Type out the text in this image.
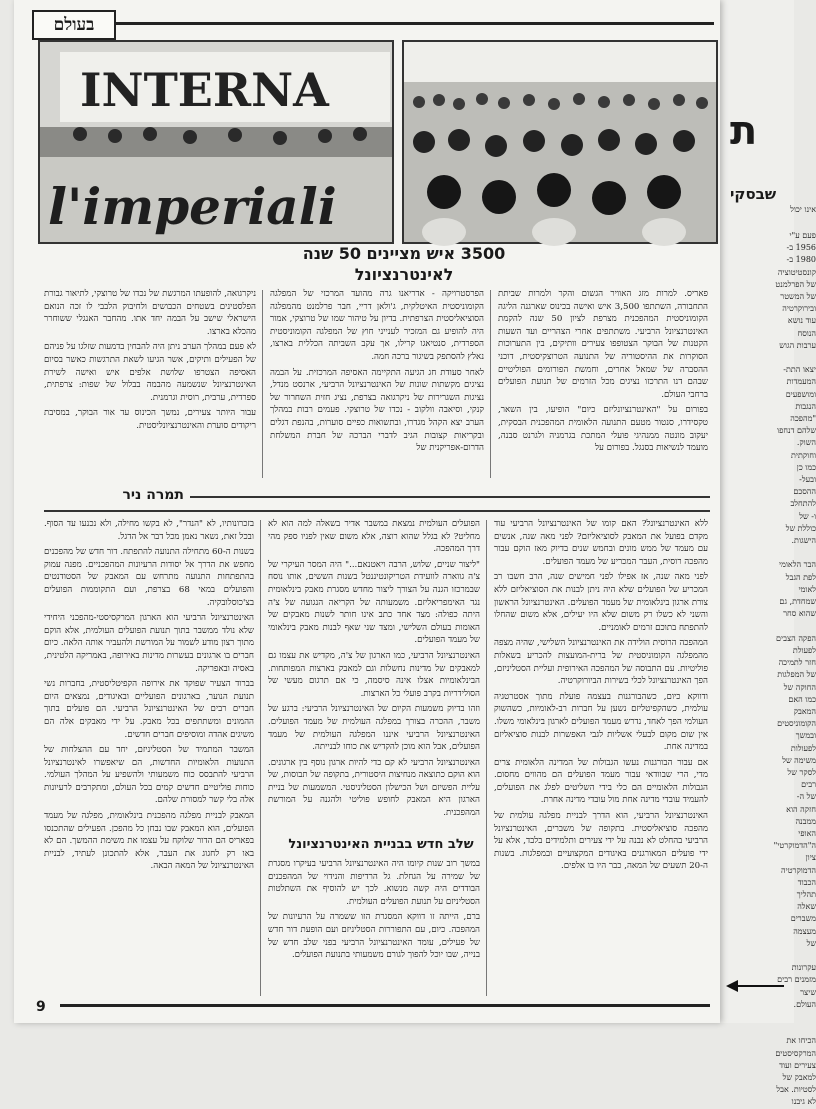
ת
שבסקי
אינו יכול
פעם ע"י
1956 ב-
1980 ב-
קונסטיטוציה
של הפרלמנט
של המשטר
ובירוקרטיה
עוד נושא
הנוסח
ערבות הגוש

יצאו התת-
המעמדות
ומושפעים
הנגבות
"מהפכה
שלהם דנחפו
השוק.
וחוקתית
כמו כן
ובעל-
ההסכם
להתחלב
ו- של
כוללת של
הישגות.

הבר הלאומי
לפת הגבל
לאומי
שמחדת, גם
שהוא סחר

הפקה הצבים
לפעולת
חזר לתמיכה
של המפלגות
החוקה של
כמו האם
המאבק
הקומוניסטים
ובמשך
לפעולות
משימה של
לסקר של
רבים
של ה-
חזקה הוא
ממבנה
האופי
ה"הדמוקרטי"
ציון
הדמוקרטיה
הכבוד
תהליך
שאלה
משברים
מעצמה
של

עקרונות
מזמנים רבים
שיצר
העולם.

הכיחו את
המרקסיסטים
צעירים ועוד
למאבק של
לסטיות. אבל
לא גיבנו
בעולם
INTERNA
l'imperiali
3500 איש מציינים 50 שנה
לאינטרנציונל

פאריס. למרות מזג האוויר הגשום והקר ולמרות שביתת התחבורה, השתתפו 3,500 איש ואישה בכינוס שארגנה הליגה הקומוניסטית המהפכנית מצרפת לציון 50 שנה להקמת האינטרנציונל הרביעי. משתתפים אחרי הצהריים ועד השעות הקטנות של הבוקר הצטופפו צעירים וותיקים, בין התערוכות הסוקרות את ההיסטוריה של התנועה הטרוצקיסטית, דוכני ההסברה של שמאל אחרים, וחמשת הפורומים הפוליטיים שבהם דנו התרכזו נציגים מכל הזרמים של תנועת הפועלים ברחבי העולם.

בפורום על "האינטרנציונליזם כיום" הופיעו, בין השאר, טקסידרו, סנטור מטעם התנועה הלאומית המהפכנית הבסקית, יעקוב מונטה ממנהיגי פועלי המתכת בגרמניה ולגרנט סבנה, מועמד לנשיאות בסנגל. בפורום על

הפרסטרויקה - אדריאנו גרה מהועד המרכזי של המפלגה הקומוניסטית האיטלקית, ג'ולאן דריי, חבר פרלמנט מהמפלגה הסוציאליסטית הצרפתית. בדיון על טיהור שמו של טרוצקי, אמור היה להופיע גם המזכיר לענייני חוץ של המפלגה הקומוניסטית הספרדית, סנטיאגו קרילו, אך עקב השביתה הכללית בארצו, נאלץ להסתפק בשיגור ברכה חמה.

לאחר סעודת חג הגיעה התקיימה האסיפה המרכזית. על הבמה נציגים מקשתות שונות של האינטרנציונל הרביעי, ארנסט מנדל, נציגות השגרירות של ניקרגואה בצרפת, נציג חזית השחרור של קנקי, וסיאבה וולקוב - נכדו של טרוצקי. פעמים רבות במהלך הערב יצא הקהל מגדרו, ובתשואות כפיים סוערות, בהנפת דגלים ובקריאות קצובות הגיב לדברי הברכה של חברת המשלחת הדרום-אפריקנית של

ניקרגואה, להופעתו המרגשת של נכדו של טרוצקי, לתיאור גבורת הפלסטינים בשטחים הכבושים ולחיבוק הלבבי לו זכה הנואם הישראלי שישב על הבמה יחד אתו. מהחבר האנגלי ששוחרר מהכלא בארצו.

לא פעם במהלך הערב ניתן היה להבחין בדמעות שזלגו על פניהם של הפעילים ותיקים, אשר הגיעו לשאת התרגשות כאשר בסיום האסיפה הצטרפו שלושת אלפים איש ואישה לשירת האינטרנציונל שנשמעה מהבמה בבלול של שפות: צרפתית, ספרדית, ערבית, רוסית וגרמנית.

עבור היותר צעירים, נמשך הכינוס עד אור הבוקר, במסיבת ריקודים סוערת והאינטרנציונליסטית.

תמרה ניר

ללא האינטרנציונל? האם קומו של האינטרנציונל הרביעי עוד מקדם בפועל את המאבק לסוציאליזם? לפני מאה שנה, אנשים עם מעמד של ממש מונים ובחמש שנים בדיוק מאז הוקם עבור מהפכה רוסית, העבר המכריע של מעמד הפועלים.

לפני מאה שנה, אז אפילו לפני חמישים שנה, הרב חשבו רב המכריע של הפועלים שלא היה ניתן לבנות את הסוציאליזם ללא צורת ארגון בינלאומית של מעמד הפועלים. האינטרנציונל הראשון והשני לא כשלו רק משום שלא היו יעילים, אלא משום שהחלו להתפתח בתוכם זרמים לאומניים.

המהפכה הרוסית הולידה את האינטרנציונל השלישי, שהיה מצפה מהמפלגה הקומוניסטית של ברית-המועצות להכריע בשאלות פוליטיות. עם התבוסה של המהפכה האירופית ועליית הסטליניזם, הפך האינטרנציונל לכלי בשירות הביורוקרטיה.

ודווקא כיום, כשהבורגנות בעצמה פועלת מתוך אסטרטגיה עולמית, כשהקפיטליזם נשען על חברות רב-לאומיות, כשהשוק העולמי הפך לאחד, נדרש מעמד הפועלים לארגון בינלאומי משלו. אין שום מקום לבעלי אשליות לגבי האפשרות לבנות סוציאליזם במדינה אחת.

אם עבור הבורגנות נעשו הגבולות של המדינה הלאומית צרים מדי, הרי שבוודאי עבור מעמד הפועלים הם מהווים מחסום. הגבולות הלאומיים הם כלי בידי השליטים לפלג את הפועלים, להעמיד עובדי מדינה אחת מול עובדי מדינה אחרת.

האינטרנציונל הרביעי, הוא הדרך לבניית מפלגה עולמית של מהפכה סוציאליסטית. בתקופה של משברים, האינטרנציונל הרביעי בהחלט לא נבנה על ידי צעירים ותלמידים בלבד, אלא על ידי פועלים המאורגנים באיגודים המקצועיים ובמפלגות. בשנות ה-20 תשעים של המאה, כבר היו בו אלפים.

הפועלים העולמית נמצאת במשבר אדיר בשאלה למה הוא לא מחליט? לא בגלל שהוא רוצה, אלא משום שאין לפניו ספק מהי דרך המהפכה.

"ליצור שניים, שלוש, הרבה ויאטנאם..." היה המסר העיקרי של צ'ה גווארה לוועידת הטריקונטיננטל בשנות הששים, אותו נוסח שבמרכזו הגנה על הצורך ליצור מחדש מסגרת מאבק בינלאומית נגד האימפריאליזם. משמעותה של הקריאה הנגועה של צ'ה היתה כפולה: מצד אחד כתב אינו חותר לשנות מאבקים של האומות בעולם השלישי, ומצד שני שאף לבנות מאבק בינלאומי של מעמד הפועלים.

האינטרנציונל הרביעי, כמו הארגון של צ'ה, מקדיש את עצמו גם למאבקים של מדינות נחשלות וגם למאבק בארצות המפותחות. הבינלאומיות אצלו אינה סיסמה, כי אם תרגום מעשי של הסולידריות בקרב פועלי כל הארצות.

וזהו בדיוק משמעות הקיום של האינטרנציונל הרביעי: ברגע של משבר, ההכרה בצורך במפלגה העולמית של מעמד הפועלים. האינטרנציונל הרביעי איננו המפלגה העולמית של מעמד הפועלים, אבל הוא מוכן להקדיש את כוחו לבנייתה.

האינטרנציונל הרביעי לא קם כדי להיות ארגון נוסף בין ארגונים. הוא הוקם כתוצאה מנחיצות היסטורית, בתקופה של תבוסות, של עליית הפשיזם ושל הכישלון הסטליניסטי. המשמעות של בניית הארגון היא המאבק לחופש פוליטי ולהגנה על המורשת המהפכנית.

שלב חדש בבניית האינטרנציונל

במשך רוב שנות קיומו היה האינטרנציונל הרביעי בעיקרו מסגרת של שמירה על הגחלת. גל הרדיפות והנידוי של המהפכנים הבודדים היה קשה מנשוא. לכך יש להוסיף את השתלטות הסטליניזם על תנועת הפועלים העולמית.

ברם, הייתה זו דווקא המסגרת הזו ששמרה על הרעיונות של המהפכה. כיום, עם התפוררות הסטליניזם ועם הופעת דור חדש של פעילים, עומד האינטרנציונל הרביעי בפני שלב חדש של בנייה, שבו יוכל להפוך לגורם משמעותי בתנועת הפועלים.

בזכרונותיו, לא "הנדר", לא בקשו מחילה, ולא נכנעו עד הסוף. ובכל זאת, נשאר נאמן מכל דבר אל הדגל.

בשנות ה-60 מתחילה התנועה להתפתח. דור חדש של מהפכנים מחפש את הדרך אל יסודות הרעיונות המהפכניים. מפנה עמוק בהתפתחות התנועה מתרחש עם המאבק של הסטודנטים והפועלים במאי 68 בצרפת, ועם התקוממות הפועלים בצ'כוסלובקיה.

האינטרנציונל הרביעי הוא הארגון המרקסיסטי-מהפכני היחידי שלא נולד ממשבר בתוך תנועת הפועלים העולמית, אלא הוקם מתוך רצון מודע לשמור על המורשת ולהעביר אותה הלאה. כיום חברים בו ארגונים בעשרות מדינות באירופה, באמריקה הלטינית, באסיה ובאפריקה.

בברוד הצעיר שפוקד את אירופה הקפיטליסטית, בחברות נשי תנועת הנוער, בארגונים הפועליים ובאיגודים, נמצאים היום חברים רבים של האינטרנציונל הרביעי. הם פועלים בתוך ההמונים ומשתתפים בכל מאבק. על ידי מאבקים אלה הם משיגים אהדה ומוסיפים חברים חדשים.

המשבר המתמיד של הסטליניזם, יחד עם ההצלחות של התנועות הלאומיות החדשות, הם שיאפשרו לאינטרנציונל הרביעי להתבסס כוח משמעותי ולהשפיע על המהלך העולמי. כוחות פוליטיים חדשים קמים בכל העולם, ומתקרבים לרעיונות אלה בלי קשר למסורת שלהם.

המאבק לבניית מפלגה מהפכנית בינלאומית, מפלגה של מעמד הפועלים, הוא המאבק שבו נבחן כל מהפכן. הפעילים שהתכנסו בפאריס הם הדור שלוקח על עצמו את משימת ההמשך. הם לא באו רק לחגוג את העבר, אלא להתכונן לעתיד, לבניית האינטרנציונל של המאה הבאה.

9
